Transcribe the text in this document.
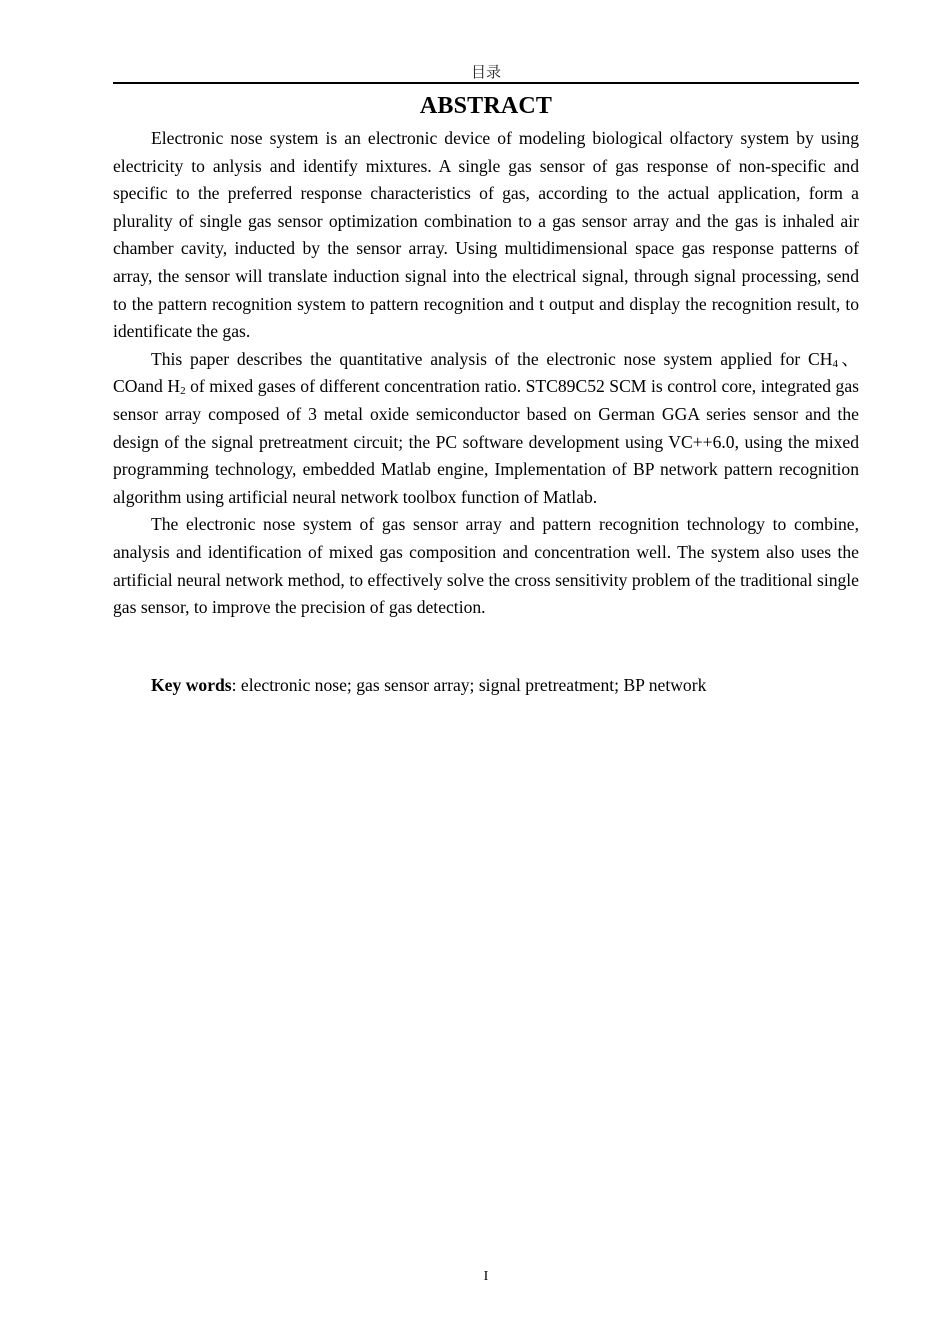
目录
ABSTRACT

Electronic nose system is an electronic device of modeling biological olfactory system by using electricity to anlysis and identify mixtures. A single gas sensor of gas response of non-specific and specific to the preferred response characteristics of gas, according to the actual application, form a plurality of single gas sensor optimization combination to a gas sensor array and the gas is inhaled air chamber cavity, inducted by the sensor array. Using multidimensional space gas response patterns of array, the sensor will translate induction signal into the electrical signal, through signal processing, send to the pattern recognition system to pattern recognition and t output and display the recognition result, to identificate the gas.

This paper describes the quantitative analysis of the electronic nose system applied for $CH_4$、 COand $H_2$ of mixed gases of different concentration ratio. STC89C52 SCM is control core, integrated gas sensor array composed of 3 metal oxide semiconductor based on German GGA series sensor and the design of the signal pretreatment circuit; the PC software development using VC++6.0, using the mixed programming technology, embedded Matlab engine, Implementation of BP network pattern recognition algorithm using artificial neural network toolbox function of Matlab.

The electronic nose system of gas sensor array and pattern recognition technology to combine, analysis and identification of mixed gas composition and concentration well. The system also uses the artificial neural network method, to effectively solve the cross sensitivity problem of the traditional single gas sensor, to improve the precision of gas detection.

Key words: electronic nose; gas sensor array; signal pretreatment; BP network
I
